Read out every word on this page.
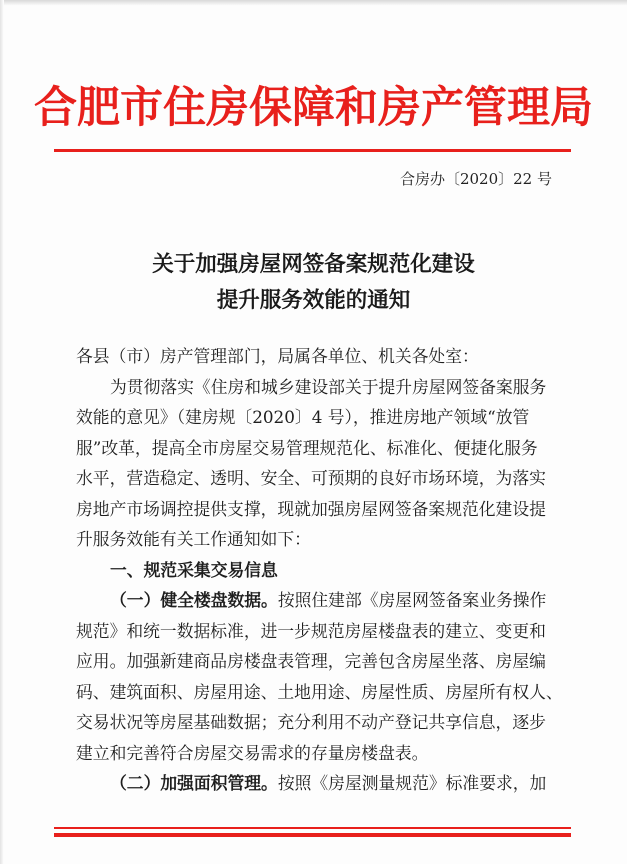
合肥市住房保障和房产管理局
合房办〔2020〕22 号
关于加强房屋网签备案规范化建设
提升服务效能的通知
各县（市）房产管理部门，局属各单位、机关各处室：
为贯彻落实《住房和城乡建设部关于提升房屋网签备案服务
效能的意见》（建房规〔2020〕4 号），推进房地产领域“放管
服”改革，提高全市房屋交易管理规范化、标准化、便捷化服务
水平，营造稳定、透明、安全、可预期的良好市场环境，为落实
房地产市场调控提供支撑，现就加强房屋网签备案规范化建设提
升服务效能有关工作通知如下：
一、规范采集交易信息
（一）健全楼盘数据。按照住建部《房屋网签备案业务操作
规范》和统一数据标准，进一步规范房屋楼盘表的建立、变更和
应用。加强新建商品房楼盘表管理，完善包含房屋坐落、房屋编
码、建筑面积、房屋用途、土地用途、房屋性质、房屋所有权人、
交易状况等房屋基础数据；充分利用不动产登记共享信息，逐步
建立和完善符合房屋交易需求的存量房楼盘表。
（二）加强面积管理。按照《房屋测量规范》标准要求，加
